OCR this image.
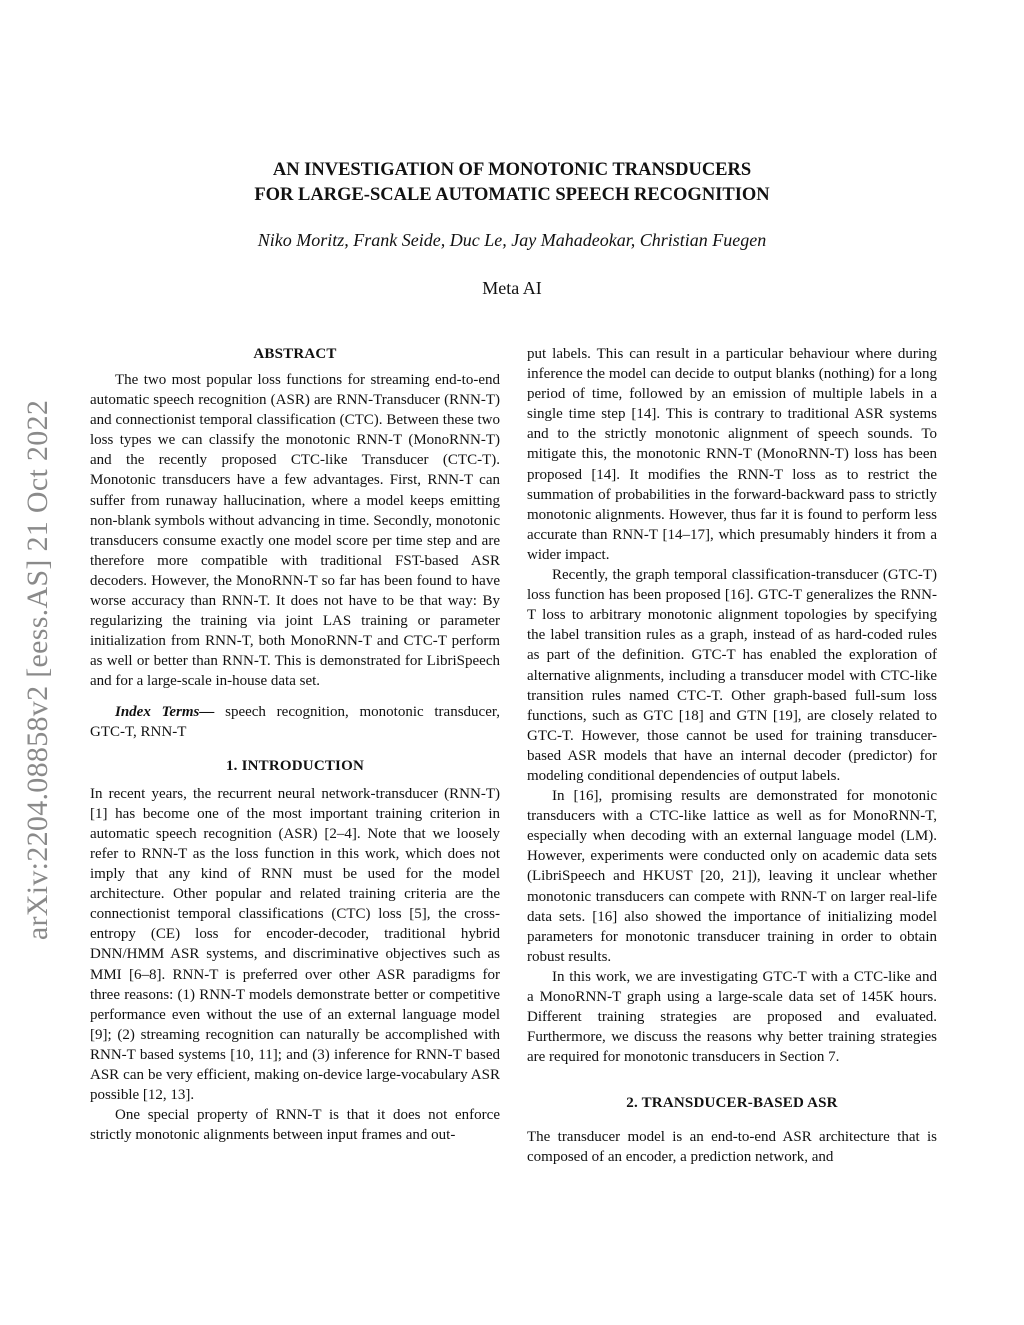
AN INVESTIGATION OF MONOTONIC TRANSDUCERS
FOR LARGE-SCALE AUTOMATIC SPEECH RECOGNITION
Niko Moritz, Frank Seide, Duc Le, Jay Mahadeokar, Christian Fuegen
Meta AI
arXiv:2204.08858v2 [eess.AS] 21 Oct 2022
ABSTRACT

The two most popular loss functions for streaming end-to-end automatic speech recognition (ASR) are RNN-Transducer (RNN-T) and connectionist temporal classification (CTC). Between these two loss types we can classify the monotonic RNN-T (MonoRNN-T) and the recently proposed CTC-like Transducer (CTC-T). Monotonic transducers have a few advantages. First, RNN-T can suffer from runaway hallucination, where a model keeps emitting non-blank symbols without advancing in time. Secondly, monotonic transducers consume exactly one model score per time step and are therefore more compatible with traditional FST-based ASR decoders. However, the MonoRNN-T so far has been found to have worse accuracy than RNN-T. It does not have to be that way: By regularizing the training via joint LAS training or parameter initialization from RNN-T, both MonoRNN-T and CTC-T perform as well or better than RNN-T. This is demonstrated for LibriSpeech and for a large-scale in-house data set.

Index Terms— speech recognition, monotonic transducer, GTC-T, RNN-T

1. INTRODUCTION

In recent years, the recurrent neural network-transducer (RNN-T) [1] has become one of the most important training criterion in automatic speech recognition (ASR) [2–4]. Note that we loosely refer to RNN-T as the loss function in this work, which does not imply that any kind of RNN must be used for the model architecture. Other popular and related training criteria are the connectionist temporal classifications (CTC) loss [5], the cross-entropy (CE) loss for encoder-decoder, traditional hybrid DNN/HMM ASR systems, and discriminative objectives such as MMI [6–8]. RNN-T is preferred over other ASR paradigms for three reasons: (1) RNN-T models demonstrate better or competitive performance even without the use of an external language model [9]; (2) streaming recognition can naturally be accomplished with RNN-T based systems [10, 11]; and (3) inference for RNN-T based ASR can be very efficient, making on-device large-vocabulary ASR possible [12, 13].

One special property of RNN-T is that it does not enforce strictly monotonic alignments between input frames and out-

put labels. This can result in a particular behaviour where during inference the model can decide to output blanks (nothing) for a long period of time, followed by an emission of multiple labels in a single time step [14]. This is contrary to traditional ASR systems and to the strictly monotonic alignment of speech sounds. To mitigate this, the monotonic RNN-T (MonoRNN-T) loss has been proposed [14]. It modifies the RNN-T loss as to restrict the summation of probabilities in the forward-backward pass to strictly monotonic alignments. However, thus far it is found to perform less accurate than RNN-T [14–17], which presumably hinders it from a wider impact.

Recently, the graph temporal classification-transducer (GTC-T) loss function has been proposed [16]. GTC-T generalizes the RNN-T loss to arbitrary monotonic alignment topologies by specifying the label transition rules as a graph, instead of as hard-coded rules as part of the definition. GTC-T has enabled the exploration of alternative alignments, including a transducer model with CTC-like transition rules named CTC-T. Other graph-based full-sum loss functions, such as GTC [18] and GTN [19], are closely related to GTC-T. However, those cannot be used for training transducer-based ASR models that have an internal decoder (predictor) for modeling conditional dependencies of output labels.

In [16], promising results are demonstrated for monotonic transducers with a CTC-like lattice as well as for MonoRNN-T, especially when decoding with an external language model (LM). However, experiments were conducted only on academic data sets (LibriSpeech and HKUST [20, 21]), leaving it unclear whether monotonic transducers can compete with RNN-T on larger real-life data sets. [16] also showed the importance of initializing model parameters for monotonic transducer training in order to obtain robust results.

In this work, we are investigating GTC-T with a CTC-like and a MonoRNN-T graph using a large-scale data set of 145K hours. Different training strategies are proposed and evaluated. Furthermore, we discuss the reasons why better training strategies are required for monotonic transducers in Section 7.

2. TRANSDUCER-BASED ASR

The transducer model is an end-to-end ASR architecture that is composed of an encoder, a prediction network, and
